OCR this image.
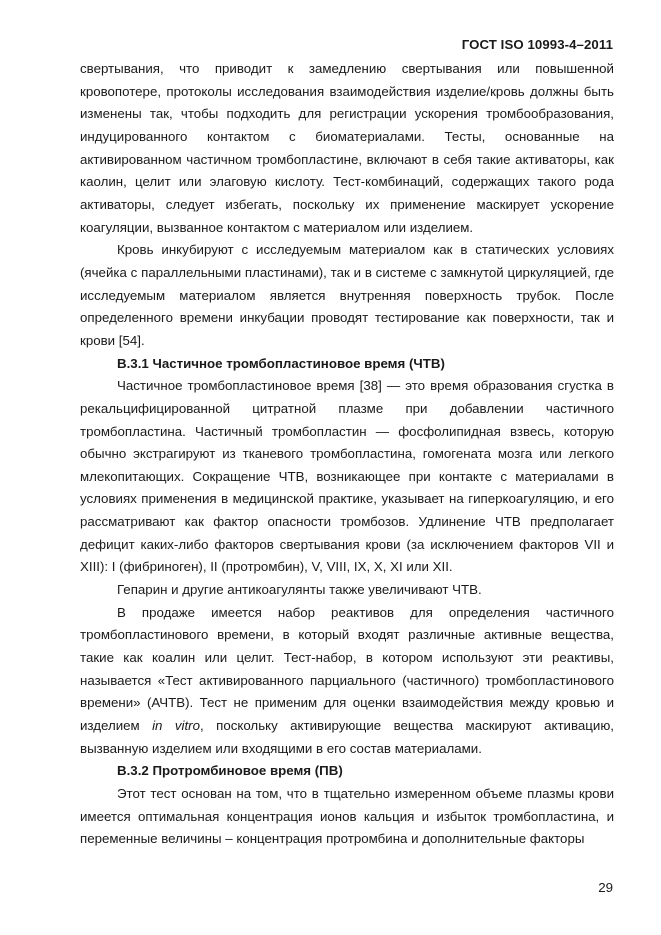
ГОСТ ISO 10993-4–2011

свертывания, что приводит к замедлению свертывания или повышенной кровопотере, протоколы исследования взаимодействия изделие/кровь должны быть изменены так, чтобы подходить для регистрации ускорения тромбообразования, индуцированного контактом с биоматериалами. Тесты, основанные на активированном частичном тромбопластине, включают в себя такие активаторы, как каолин, целит или элаговую кислоту. Тест-комбинаций, содержащих такого рода активаторы, следует избегать, поскольку их применение маскирует ускорение коагуляции, вызванное контактом с материалом или изделием.

Кровь инкубируют с исследуемым материалом как в статических условиях (ячейка с параллельными пластинами), так и в системе с замкнутой циркуляцией, где исследуемым материалом является внутренняя поверхность трубок. После определенного времени инкубации проводят тестирование как поверхности, так и крови [54].

В.3.1 Частичное тромбопластиновое время (ЧТВ)

Частичное тромбопластиновое время [38] — это время образования сгустка в рекальцифицированной цитратной плазме при добавлении частичного тромбопластина. Частичный тромбопластин — фосфолипидная взвесь, которую обычно экстрагируют из тканевого тромбопластина, гомогената мозга или легкого млекопитающих. Сокращение ЧТВ, возникающее при контакте с материалами в условиях применения в медицинской практике, указывает на гиперкоагуляцию, и его рассматривают как фактор опасности тромбозов. Удлинение ЧТВ предполагает дефицит каких-либо факторов свертывания крови (за исключением факторов VII и XIII): I (фибриноген), II (протромбин), V, VIII, IX, X, XI или XII.

Гепарин и другие антикоагулянты также увеличивают ЧТВ.

В продаже имеется набор реактивов для определения частичного тромбопластинового времени, в который входят различные активные вещества, такие как коалин или целит. Тест-набор, в котором используют эти реактивы, называется «Тест активированного парциального (частичного) тромбопластинового времени» (АЧТВ). Тест не применим для оценки взаимодействия между кровью и изделием in vitro, поскольку активирующие вещества маскируют активацию, вызванную изделием или входящими в его состав материалами.

В.3.2 Протромбиновое время (ПВ)

Этот тест основан на том, что в тщательно измеренном объеме плазмы крови имеется оптимальная концентрация ионов кальция и избыток тромбопластина, и переменные величины – концентрация протромбина и дополнительные факторы

29
